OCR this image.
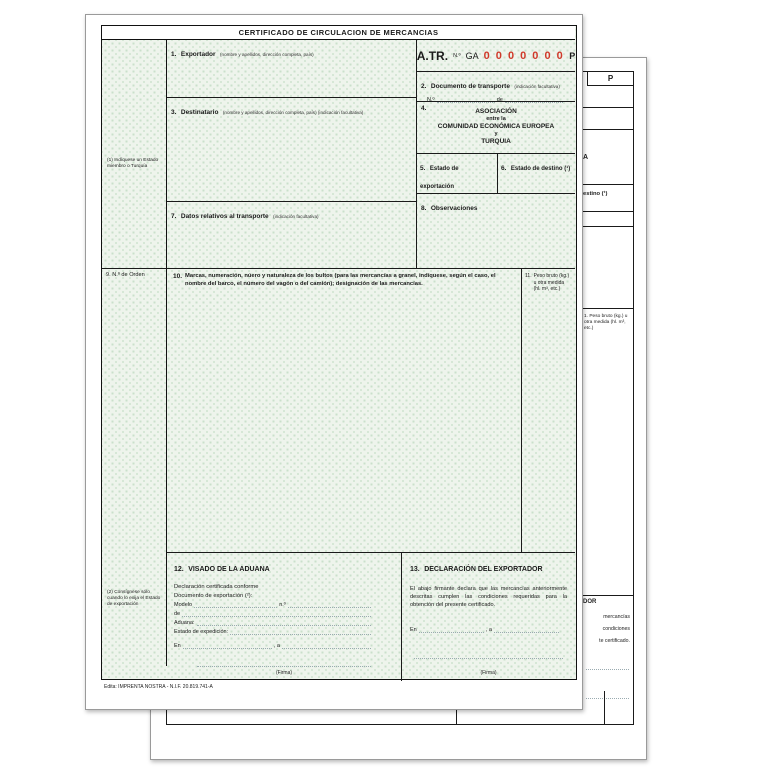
P
A
estino (¹)
1. Peso bruto (kg.) u otra medida (hl. m³, etc.)
DOR
mercancías
condiciones
te certificado.
CERTIFICADO DE CIRCULACION DE MERCANCIAS
(1) Indíquese un Estado miembro o Turquía
9. N.º de Orden
(2) Consígnese sólo cuando lo exija el Estado de exportación
1. Exportador (nombre y apellidos, dirección completa, país)
3. Destinatario (nombre y apellidos, dirección completa, país) (indicación facultativa)
7. Datos relativos al transporte (indicación facultativa)
A.TR. N.º GA 0 0 0 0 0 0 0 P
2. Documento de transporte (indicación facultativa)
N.º	de
4.	ASOCIACIÓN
entre la
COMUNIDAD ECONÓMICA EUROPEA
y
TURQUIA
5. Estado de exportación
6. Estado de destino (¹)
8. Observaciones
10. Marcas, numeración, núero y naturaleza de los bultos (para las mercancías a granel, indíquese, según el caso, el nombre del barco, el número del vagón o del camión); designación de las mercancías.
11. Peso bruto (kg.) u otra medida (hl. m³, etc.)
12. VISADO DE LA ADUANA
Declaración certificada conforme
Documento de exportación (²):
Modelo	n.º
de
Aduana:
Estado de expedición:
En	, a
(Firma)
13. DECLARACIÓN DEL EXPORTADOR
El abajo firmante declara que las mercancías anteriormente descritas cumplen las condiciones requeridas para la obtención del presente certificado.
En	, a
(Firma)
Edita: IMPRENTA NOSTRA - N.I.F. 20.819.741-A
